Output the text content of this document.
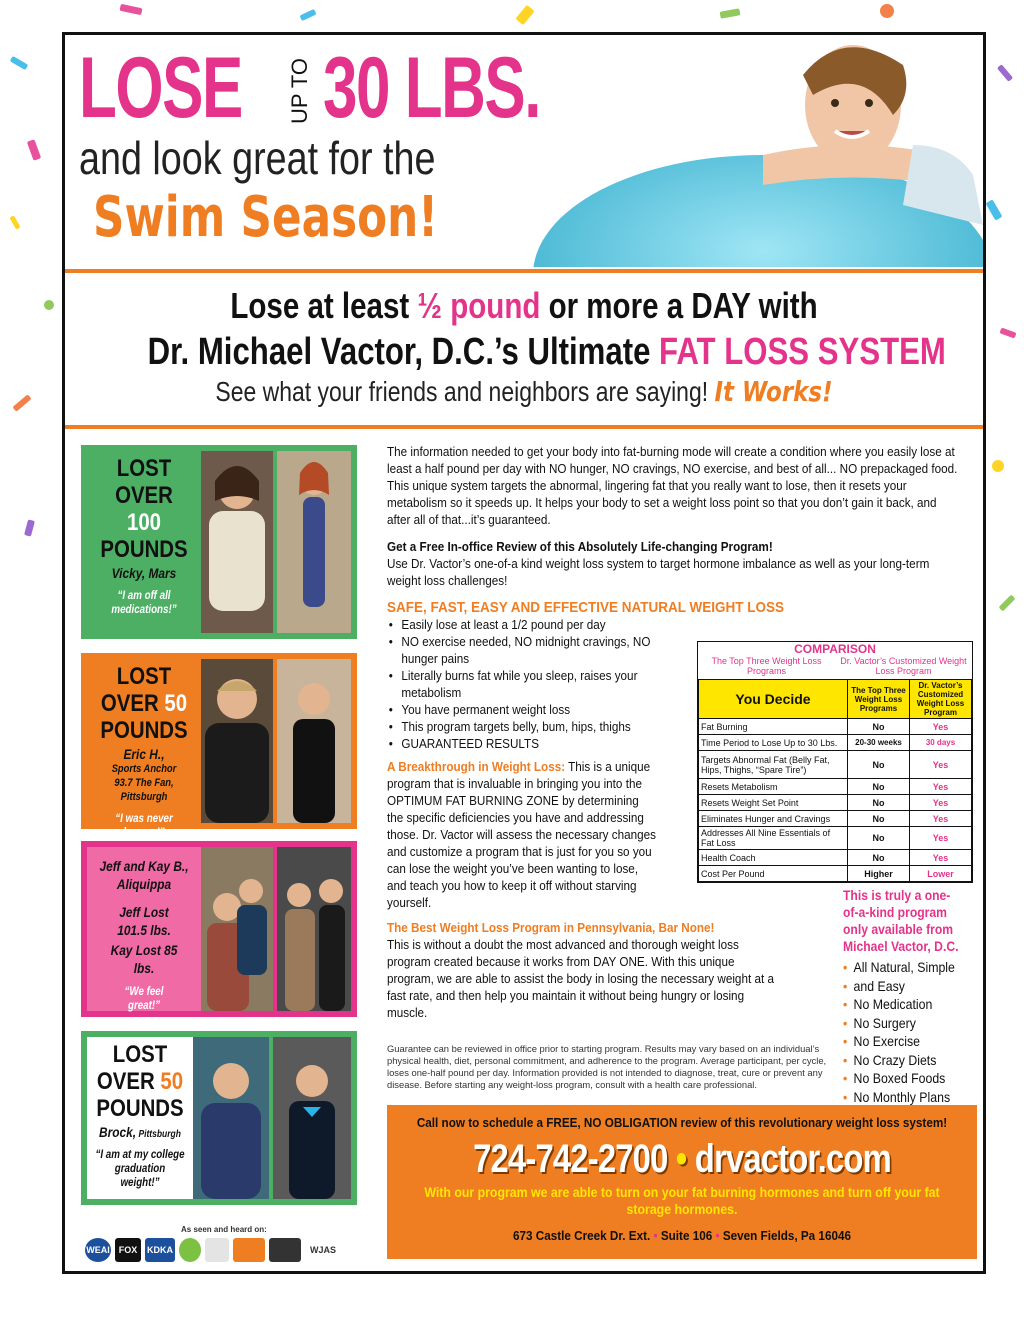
LOSE UP TO 30 LBS.
and look great for the
Swim Season!
Lose at least ½ pound or more a DAY with
Dr. Michael Vactor, D.C.’s Ultimate FAT LOSS SYSTEM
See what your friends and neighbors are saying! It Works!
LOST
OVER 100
POUNDS
Vicky, Mars
“I am off all medications!”
LOST
OVER 50
POUNDS
Eric H.,
Sports Anchor
93.7 The Fan, Pittsburgh
“I was never hungry!”
Jeff and Kay B., Aliquippa
Jeff Lost 101.5 lbs.
Kay Lost 85 lbs.
“We feel great!”
LOST
OVER 50
POUNDS
Brock, Pittsburgh
“I am at my college graduation weight!”
As seen and heard on:
WEAI FOX	KDKA	WJAS
The information needed to get your body into fat-burning mode will create a condition where you easily lose at least a half pound per day with NO hunger, NO cravings, NO exercise, and best of all... NO prepackaged food. This unique system targets the abnormal, lingering fat that you really want to lose, then it resets your metabolism so it speeds up. It helps your body to set a weight loss point so that you don’t gain it back, and after all of that...it’s guaranteed.
Get a Free In-office Review of this Absolutely Life-changing Program!
Use Dr. Vactor’s one-of-a kind weight loss system to target hormone imbalance as well as your long-term weight loss challenges!
SAFE, FAST, EASY AND EFFECTIVE NATURAL WEIGHT LOSS
• Easily lose at least a 1/2 pound per day
• NO exercise needed, NO midnight cravings, NO hunger pains
• Literally burns fat while you sleep, raises your metabolism
• You have permanent weight loss
• This program targets belly, bum, hips, thighs
• GUARANTEED RESULTS
A Breakthrough in Weight Loss: This is a unique program that is invaluable in bringing you into the OPTIMUM FAT BURNING ZONE by determining the specific deficiencies you have and addressing those. Dr. Vactor will assess the necessary changes and customize a program that is just for you so you can lose the weight you’ve been wanting to lose, and teach you how to keep it off without starving yourself.
The Best Weight Loss Program in Pennsylvania, Bar None!
This is without a doubt the most advanced and thorough weight loss program created because it works from DAY ONE. With this unique program, we are able to assist the body in losing the necessary weight at a fast rate, and then help you maintain it without being hungry or losing muscle.
COMPARISON
The Top Three Weight Loss Programs
Dr. Vactor’s Customized Weight Loss Program
You Decide	The Top Three Weight Loss Programs	Dr. Vactor’s Customized Weight Loss Program
Fat Burning	No	Yes
Time Period to Lose Up to 30 Lbs.	20-30 weeks	30 days
Targets Abnormal Fat (Belly Fat, Hips, Thighs, “Spare Tire”)	No	Yes
Resets Metabolism	No	Yes
Resets Weight Set Point	No	Yes
Eliminates Hunger and Cravings	No	Yes
Addresses All Nine Essentials of Fat Loss	No	Yes
Health Coach	No	Yes
Cost Per Pound	Higher	Lower
This is truly a one-of-a-kind program only available from Michael Vactor, D.C.
• All Natural, Simple
• and Easy
• No Medication
• No Surgery
• No Exercise
• No Crazy Diets
• No Boxed Foods
• No Monthly Plans
Guarantee can be reviewed in office prior to starting program. Results may vary based on an individual’s physical health, diet, personal commitment, and adherence to the program. Average participant, per cycle, loses one-half pound per day. Information provided is not intended to diagnose, treat, cure or prevent any disease. Before starting any weight-loss program, consult with a health care professional.
Call now to schedule a FREE, NO OBLIGATION review of this revolutionary weight loss system!
724-742-2700 • drvactor.com
With our program we are able to turn on your fat burning hormones and turn off your fat storage hormones.
673 Castle Creek Dr. Ext. • Suite 106 • Seven Fields, Pa 16046
